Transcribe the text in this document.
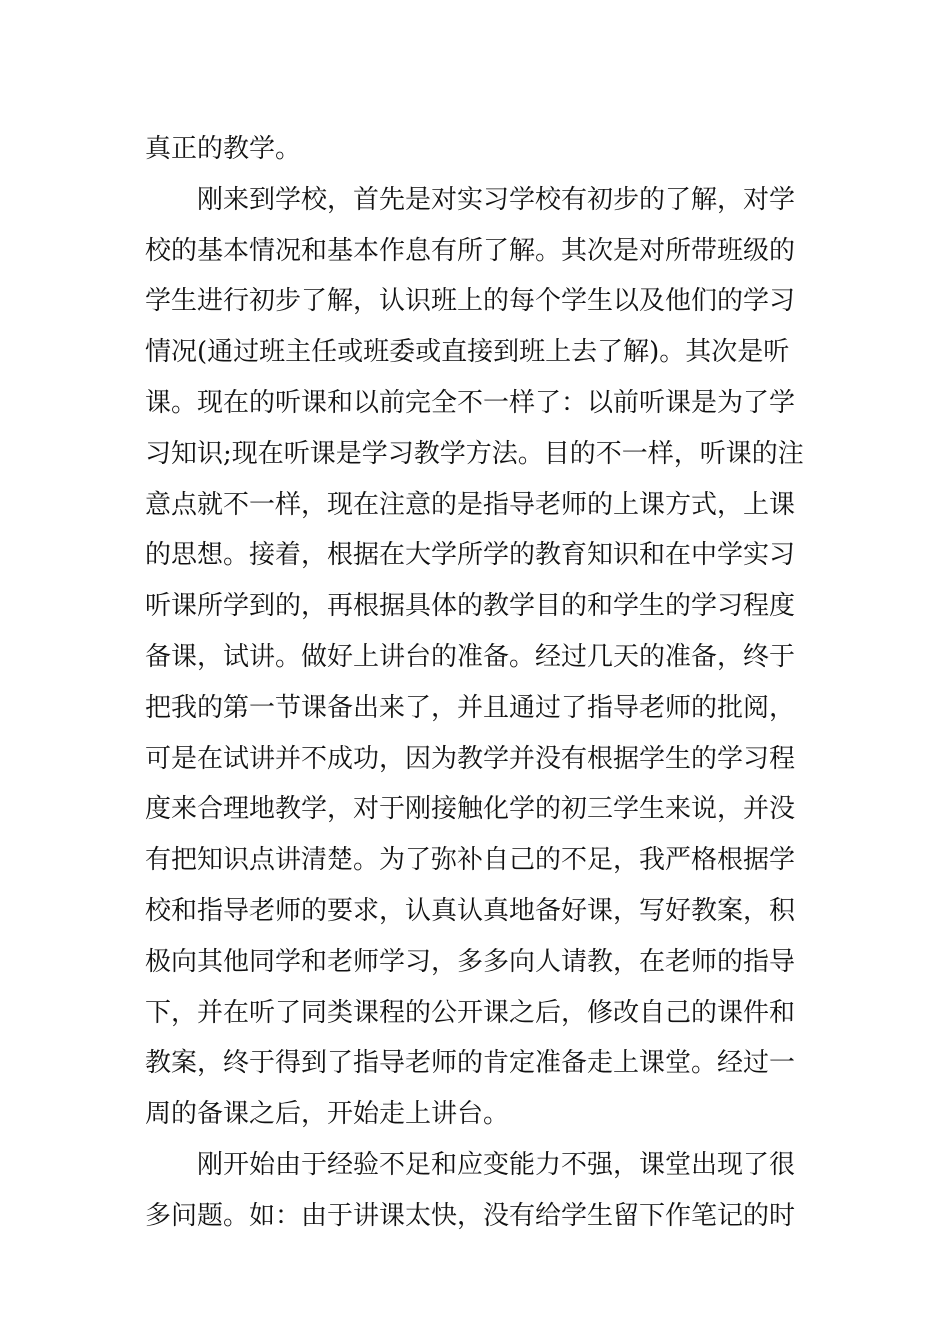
真正的教学。
刚来到学校，首先是对实习学校有初步的了解，对学
校的基本情况和基本作息有所了解。其次是对所带班级的
学生进行初步了解，认识班上的每个学生以及他们的学习
情况(通过班主任或班委或直接到班上去了解)。其次是听
课。现在的听课和以前完全不一样了：以前听课是为了学
习知识;现在听课是学习教学方法。目的不一样，听课的注
意点就不一样，现在注意的是指导老师的上课方式，上课
的思想。接着，根据在大学所学的教育知识和在中学实习
听课所学到的，再根据具体的教学目的和学生的学习程度
备课，试讲。做好上讲台的准备。经过几天的准备，终于
把我的第一节课备出来了，并且通过了指导老师的批阅，
可是在试讲并不成功，因为教学并没有根据学生的学习程
度来合理地教学，对于刚接触化学的初三学生来说，并没
有把知识点讲清楚。为了弥补自己的不足，我严格根据学
校和指导老师的要求，认真认真地备好课，写好教案，积
极向其他同学和老师学习，多多向人请教，在老师的指导
下，并在听了同类课程的公开课之后，修改自己的课件和
教案，终于得到了指导老师的肯定准备走上课堂。经过一
周的备课之后，开始走上讲台。
刚开始由于经验不足和应变能力不强，课堂出现了很
多问题。如：由于讲课太快，没有给学生留下作笔记的时
